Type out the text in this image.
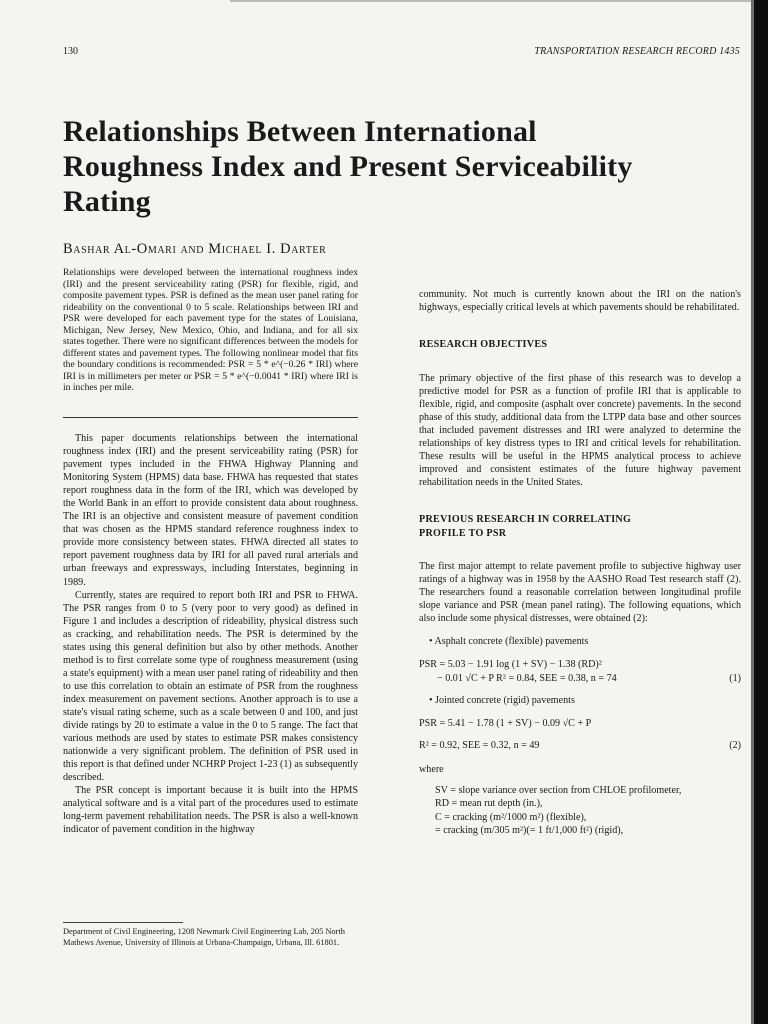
130	TRANSPORTATION RESEARCH RECORD 1435
Relationships Between International Roughness Index and Present Serviceability Rating

Bashar Al-Omari and Michael I. Darter

Relationships were developed between the international roughness index (IRI) and the present serviceability rating (PSR) for flexible, rigid, and composite pavement types. PSR is defined as the mean user panel rating for rideability on the conventional 0 to 5 scale. Relationships between IRI and PSR were developed for each pavement type for the states of Louisiana, Michigan, New Jersey, New Mexico, Ohio, and Indiana, and for all six states together. There were no significant differences between the models for different states and pavement types. The following nonlinear model that fits the boundary conditions is recommended: PSR = 5 * e^(−0.26 * IRI) where IRI is in millimeters per meter or PSR = 5 * e^(−0.0041 * IRI) where IRI is in inches per mile.

This paper documents relationships between the international roughness index (IRI) and the present serviceability rating (PSR) for pavement types included in the FHWA Highway Planning and Monitoring System (HPMS) data base. FHWA has requested that states report roughness data in the form of the IRI, which was developed by the World Bank in an effort to provide consistent data about roughness. The IRI is an objective and consistent measure of pavement condition that was chosen as the HPMS standard reference roughness index to provide more consistency between states. FHWA directed all states to report pavement roughness data by IRI for all paved rural arterials and urban freeways and expressways, including Interstates, beginning in 1989.

Currently, states are required to report both IRI and PSR to FHWA. The PSR ranges from 0 to 5 (very poor to very good) as defined in Figure 1 and includes a description of rideability, physical distress such as cracking, and rehabilitation needs. The PSR is determined by the states using this general definition but also by other methods. Another method is to first correlate some type of roughness measurement (using a state's equipment) with a mean user panel rating of rideability and then to use this correlation to obtain an estimate of PSR from the roughness index measurement on pavement sections. Another approach is to use a state's visual rating scheme, such as a scale between 0 and 100, and just divide ratings by 20 to estimate a value in the 0 to 5 range. The fact that various methods are used by states to estimate PSR makes consistency nationwide a very significant problem. The definition of PSR used in this report is that defined under NCHRP Project 1-23 (1) as subsequently described.

The PSR concept is important because it is built into the HPMS analytical software and is a vital part of the procedures used to estimate long-term pavement rehabilitation needs. The PSR is also a well-known indicator of pavement condition in the highway

Department of Civil Engineering, 1208 Newmark Civil Engineering Lab, 205 North Mathews Avenue, University of Illinois at Urbana-Champaign, Urbana, Ill. 61801.

community. Not much is currently known about the IRI on the nation's highways, especially critical levels at which pavements should be rehabilitated.

RESEARCH OBJECTIVES

The primary objective of the first phase of this research was to develop a predictive model for PSR as a function of profile IRI that is applicable to flexible, rigid, and composite (asphalt over concrete) pavements. In the second phase of this study, additional data from the LTPP data base and other sources that included pavement distresses and IRI were analyzed to determine the relationships of key distress types to IRI and critical levels for rehabilitation. These results will be useful in the HPMS analytical process to achieve improved and consistent estimates of the future highway pavement rehabilitation needs in the United States.

PREVIOUS RESEARCH IN CORRELATING

PROFILE TO PSR

The first major attempt to relate pavement profile to subjective highway user ratings of a highway was in 1958 by the AASHO Road Test research staff (2). The researchers found a reasonable correlation between longitudinal profile slope variance and PSR (mean panel rating). The following equations, which also include some physical distresses, were obtained (2):

• Asphalt concrete (flexible) pavements

PSR = 5.03 − 1.91 log (1 + SV) − 1.38 (RD)²

− 0.01 √C + P R² = 0.84, SEE = 0.38, n = 74	(1)

• Jointed concrete (rigid) pavements

PSR = 5.41 − 1.78 (1 + SV) − 0.09 √C + P

R² = 0.92, SEE = 0.32, n = 49	(2)

where

SV = slope variance over section from CHLOE profilometer,
RD = mean rut depth (in.),
C = cracking (m²/1000 m²) (flexible),
= cracking (m/305 m²)(= 1 ft/1,000 ft²) (rigid),
